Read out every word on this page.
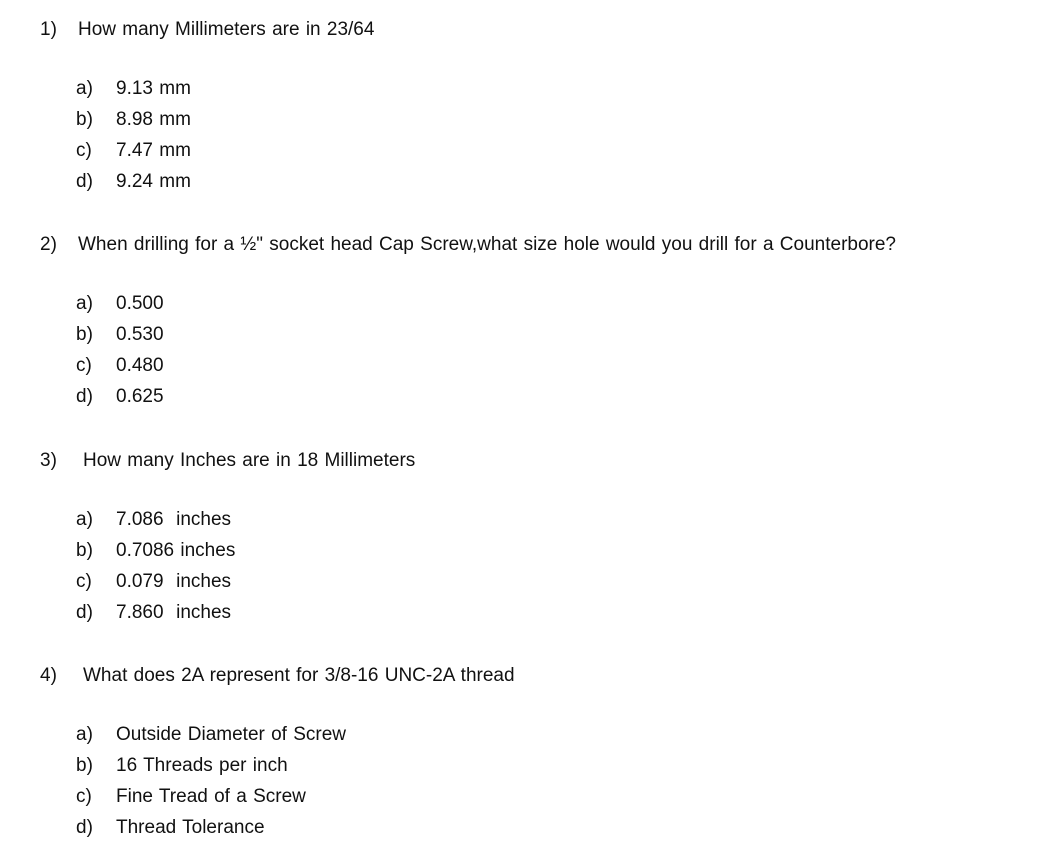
1) How many Millimeters are in 23/64
a) 9.13 mm
b) 8.98 mm
c) 7.47 mm
d) 9.24 mm
2) When drilling for a ½" socket head Cap Screw,what size hole would you drill for a Counterbore?
a) 0.500
b) 0.530
c) 0.480
d) 0.625
3) How many Inches are in 18 Millimeters
a) 7.086  inches
b) 0.7086 inches
c) 0.079  inches
d) 7.860  inches
4) What does 2A represent for 3/8-16 UNC-2A thread
a) Outside Diameter of Screw
b) 16 Threads per inch
c) Fine Tread of a Screw
d) Thread Tolerance
